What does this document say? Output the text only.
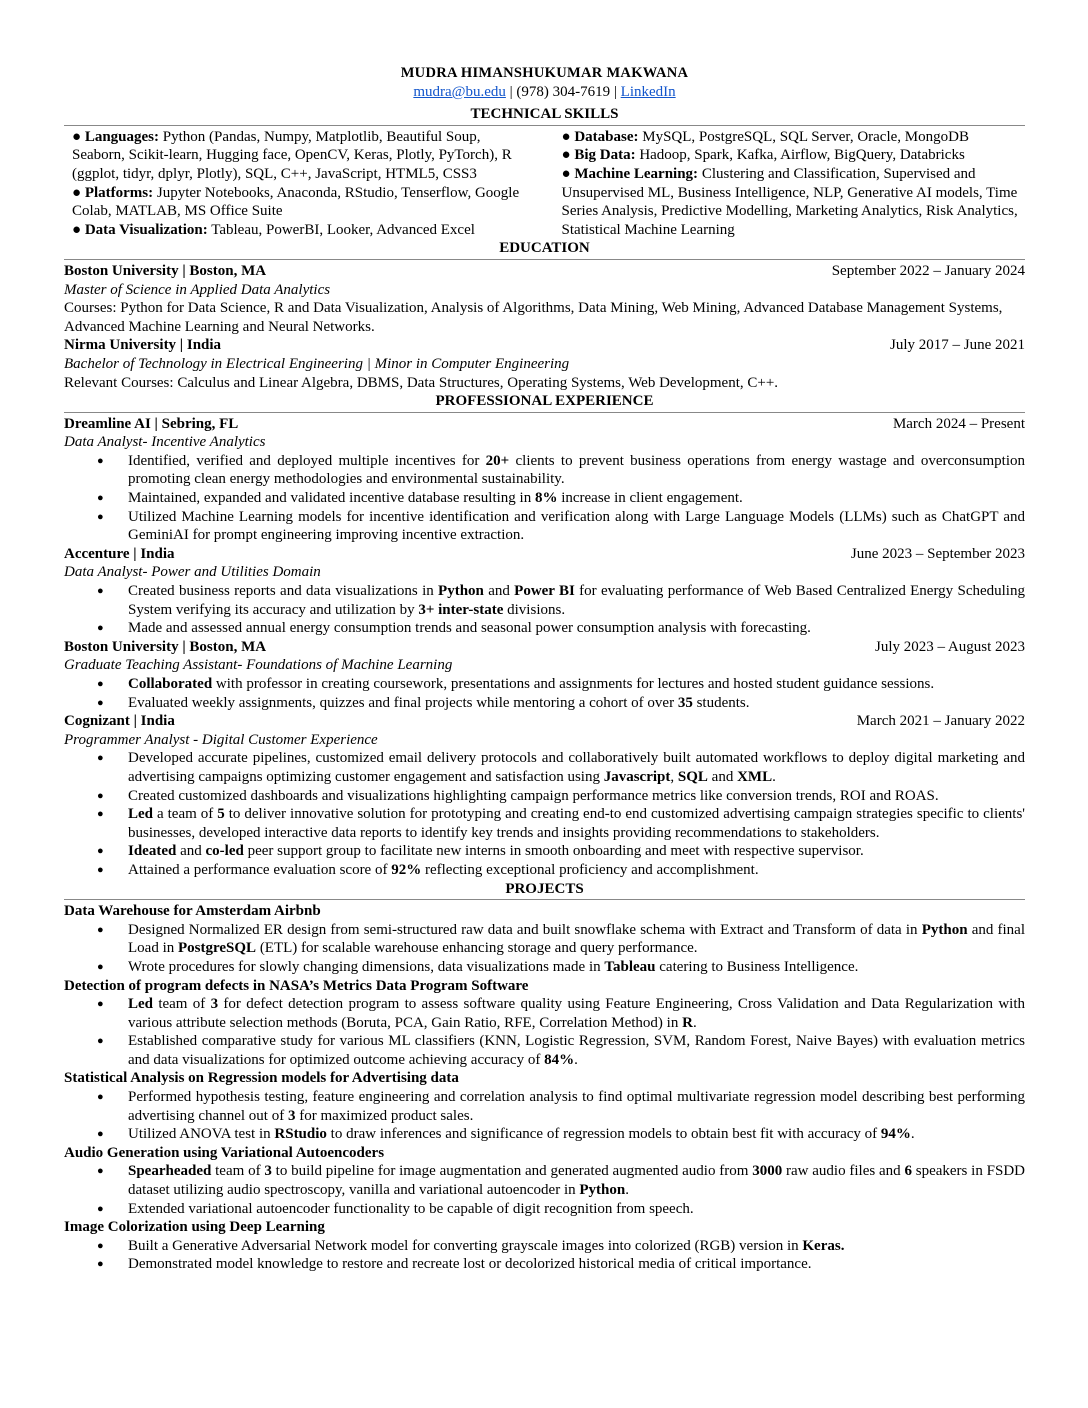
MUDRA HIMANSHUKUMAR MAKWANA
mudra@bu.edu | (978) 304-7619 | LinkedIn
TECHNICAL SKILLS
● Languages: Python (Pandas, Numpy, Matplotlib, Beautiful Soup, Seaborn, Scikit-learn, Hugging face, OpenCV, Keras, Plotly, PyTorch), R (ggplot, tidyr, dplyr, Plotly), SQL, C++, JavaScript, HTML5, CSS3
● Platforms: Jupyter Notebooks, Anaconda, RStudio, Tenserflow, Google Colab, MATLAB, MS Office Suite
● Data Visualization: Tableau, PowerBI, Looker, Advanced Excel
● Database: MySQL, PostgreSQL, SQL Server, Oracle, MongoDB
● Big Data: Hadoop, Spark, Kafka, Airflow, BigQuery, Databricks
● Machine Learning: Clustering and Classification, Supervised and Unsupervised ML, Business Intelligence, NLP, Generative AI models, Time Series Analysis, Predictive Modelling, Marketing Analytics, Risk Analytics, Statistical Machine Learning
EDUCATION
Boston University | Boston, MA	September 2022 – January 2024
Master of Science in Applied Data Analytics
Courses: Python for Data Science, R and Data Visualization, Analysis of Algorithms, Data Mining, Web Mining, Advanced Database Management Systems, Advanced Machine Learning and Neural Networks.
Nirma University | India	July 2017 – June 2021
Bachelor of Technology in Electrical Engineering | Minor in Computer Engineering
Relevant Courses: Calculus and Linear Algebra, DBMS, Data Structures, Operating Systems, Web Development, C++.
PROFESSIONAL EXPERIENCE
Dreamline AI | Sebring, FL	March 2024 – Present
Data Analyst- Incentive Analytics
● Identified, verified and deployed multiple incentives for 20+ clients to prevent business operations from energy wastage and overconsumption promoting clean energy methodologies and environmental sustainability.
● Maintained, expanded and validated incentive database resulting in 8% increase in client engagement.
● Utilized Machine Learning models for incentive identification and verification along with Large Language Models (LLMs) such as ChatGPT and GeminiAI for prompt engineering improving incentive extraction.
Accenture | India	June 2023 – September 2023
Data Analyst- Power and Utilities Domain
● Created business reports and data visualizations in Python and Power BI for evaluating performance of Web Based Centralized Energy Scheduling System verifying its accuracy and utilization by 3+ inter-state divisions.
● Made and assessed annual energy consumption trends and seasonal power consumption analysis with forecasting.
Boston University | Boston, MA	July 2023 – August 2023
Graduate Teaching Assistant- Foundations of Machine Learning
● Collaborated with professor in creating coursework, presentations and assignments for lectures and hosted student guidance sessions.
● Evaluated weekly assignments, quizzes and final projects while mentoring a cohort of over 35 students.
Cognizant | India	March 2021 – January 2022
Programmer Analyst - Digital Customer Experience
● Developed accurate pipelines, customized email delivery protocols and collaboratively built automated workflows to deploy digital marketing and advertising campaigns optimizing customer engagement and satisfaction using Javascript, SQL and XML.
● Created customized dashboards and visualizations highlighting campaign performance metrics like conversion trends, ROI and ROAS.
● Led a team of 5 to deliver innovative solution for prototyping and creating end-to end customized advertising campaign strategies specific to clients' businesses, developed interactive data reports to identify key trends and insights providing recommendations to stakeholders.
● Ideated and co-led peer support group to facilitate new interns in smooth onboarding and meet with respective supervisor.
● Attained a performance evaluation score of 92% reflecting exceptional proficiency and accomplishment.
PROJECTS
Data Warehouse for Amsterdam Airbnb
● Designed Normalized ER design from semi-structured raw data and built snowflake schema with Extract and Transform of data in Python and final Load in PostgreSQL (ETL) for scalable warehouse enhancing storage and query performance.
● Wrote procedures for slowly changing dimensions, data visualizations made in Tableau catering to Business Intelligence.
Detection of program defects in NASA’s Metrics Data Program Software
● Led team of 3 for defect detection program to assess software quality using Feature Engineering, Cross Validation and Data Regularization with various attribute selection methods (Boruta, PCA, Gain Ratio, RFE, Correlation Method) in R.
● Established comparative study for various ML classifiers (KNN, Logistic Regression, SVM, Random Forest, Naive Bayes) with evaluation metrics and data visualizations for optimized outcome achieving accuracy of 84%.
Statistical Analysis on Regression models for Advertising data
● Performed hypothesis testing, feature engineering and correlation analysis to find optimal multivariate regression model describing best performing advertising channel out of 3 for maximized product sales.
● Utilized ANOVA test in RStudio to draw inferences and significance of regression models to obtain best fit with accuracy of 94%.
Audio Generation using Variational Autoencoders
● Spearheaded team of 3 to build pipeline for image augmentation and generated augmented audio from 3000 raw audio files and 6 speakers in FSDD dataset utilizing audio spectroscopy, vanilla and variational autoencoder in Python.
● Extended variational autoencoder functionality to be capable of digit recognition from speech.
Image Colorization using Deep Learning
● Built a Generative Adversarial Network model for converting grayscale images into colorized (RGB) version in Keras.
● Demonstrated model knowledge to restore and recreate lost or decolorized historical media of critical importance.
